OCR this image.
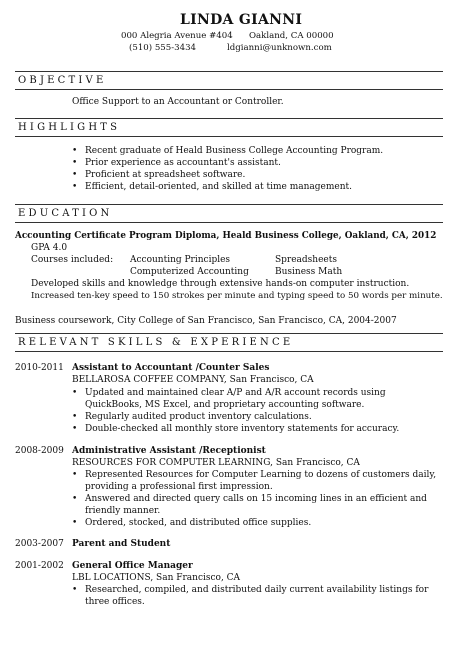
LINDA GIANNI
000 Alegria Avenue #404 Oakland, CA 00000
(510) 555-3434	ldgianni@unknown.com
OBJECTIVE
Office Support to an Accountant or Controller.
HIGHLIGHTS
• Recent graduate of Heald Business College Accounting Program.
• Prior experience as accountant's assistant.
• Proficient at spreadsheet software.
• Efficient, detail-oriented, and skilled at time management.
EDUCATION
Accounting Certificate Program Diploma, Heald Business College, Oakland, CA, 2012
GPA 4.0
Courses included: Accounting Principles	Spreadsheets
Computerized Accounting	Business Math
Developed skills and knowledge through extensive hands-on computer instruction.
Increased ten-key speed to 150 strokes per minute and typing speed to 50 words per minute.
Business coursework, City College of San Francisco, San Francisco, CA, 2004-2007
RELEVANT SKILLS & EXPERIENCE
2010-2011 Assistant to Accountant /Counter Sales
BELLAROSA COFFEE COMPANY, San Francisco, CA
• Updated and maintained clear A/P and A/R account records using
QuickBooks, MS Excel, and proprietary accounting software.
• Regularly audited product inventory calculations.
• Double-checked all monthly store inventory statements for accuracy.
2008-2009 Administrative Assistant /Receptionist
RESOURCES FOR COMPUTER LEARNING, San Francisco, CA
• Represented Resources for Computer Learning to dozens of customers daily,
providing a professional first impression.
• Answered and directed query calls on 15 incoming lines in an efficient and
friendly manner.
• Ordered, stocked, and distributed office supplies.
2003-2007 Parent and Student
2001-2002 General Office Manager
LBL LOCATIONS, San Francisco, CA
• Researched, compiled, and distributed daily current availability listings for
three offices.
